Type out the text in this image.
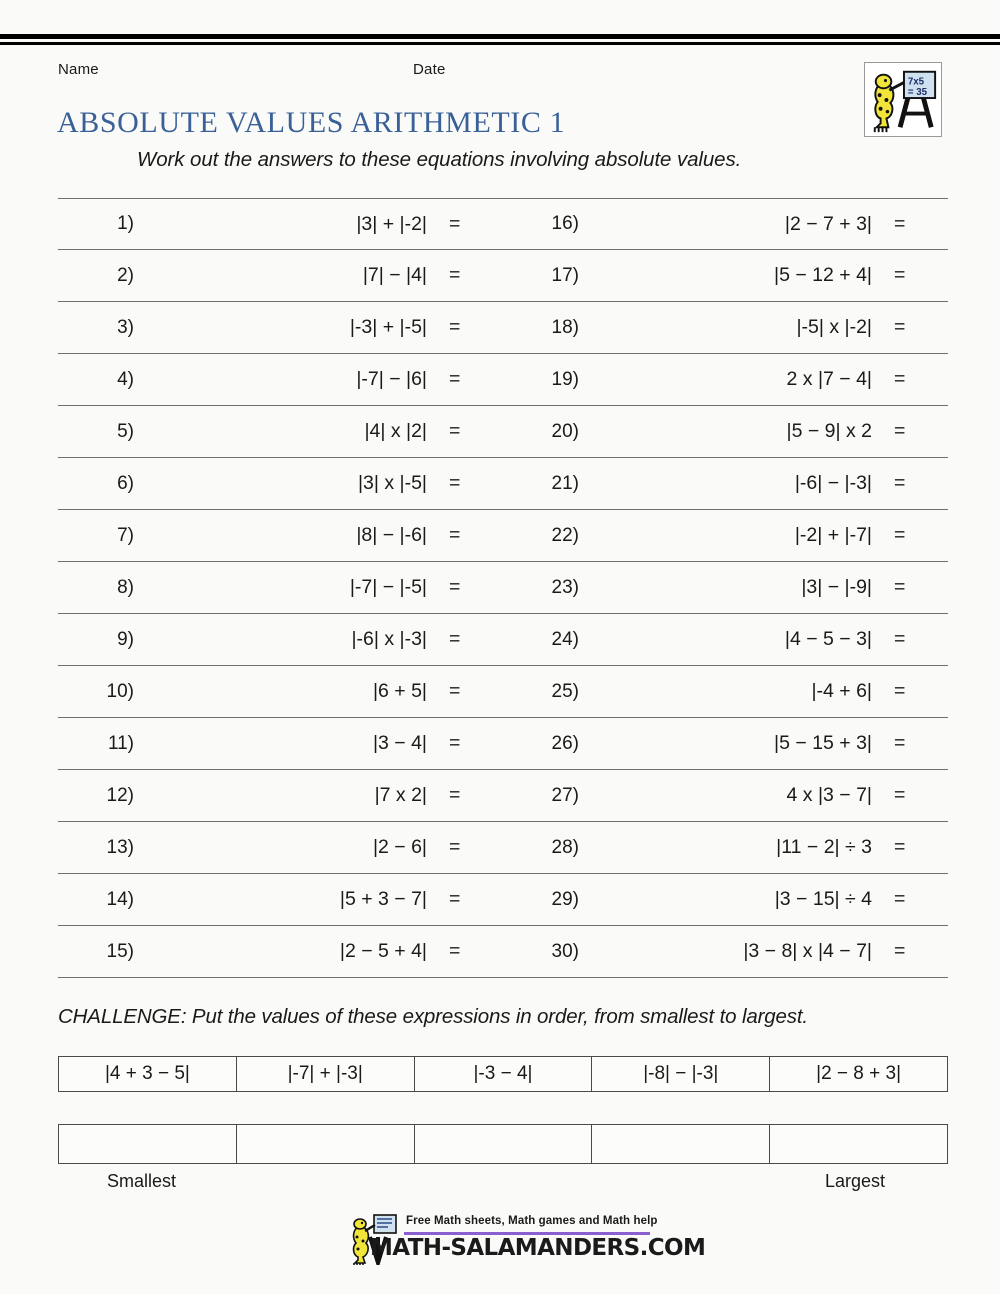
Name	Date
7x5
= 35
ABSOLUTE VALUES ARITHMETIC 1
Work out the answers to these equations involving absolute values.
1)	|3| + |-2|	=	16)	|2 − 7 + 3|	=
2)	|7| − |4|	=	17)	|5 − 12 + 4|	=
3)	|-3| + |-5|	=	18)	|-5| x |-2|	=
4)	|-7| − |6|	=	19)	2 x |7 − 4|	=
5)	|4| x |2|	=	20)	|5 − 9| x 2	=
6)	|3| x |-5|	=	21)	|-6| − |-3|	=
7)	|8| − |-6|	=	22)	|-2| + |-7|	=
8)	|-7| − |-5|	=	23)	|3| − |-9|	=
9)	|-6| x |-3|	=	24)	|4 − 5 − 3|	=
10)	|6 + 5|	=	25)	|-4 + 6|	=
11)	|3 − 4|	=	26)	|5 − 15 + 3|	=
12)	|7 x 2|	=	27)	4 x |3 − 7|	=
13)	|2 − 6|	=	28)	|11 − 2| ÷ 3	=
14)	|5 + 3 − 7|	=	29)	|3 − 15| ÷ 4	=
15)	|2 − 5 + 4|	=	30)	|3 − 8| x |4 − 7|	=
CHALLENGE: Put the values of these expressions in order, from smallest to largest.
|4 + 3 − 5|	|-7| + |-3|	|-3 − 4|	|-8| − |-3|	|2 − 8 + 3|
Smallest	Largest
Free Math sheets, Math games and Math help
MATH-SALAMANDERS.COM
